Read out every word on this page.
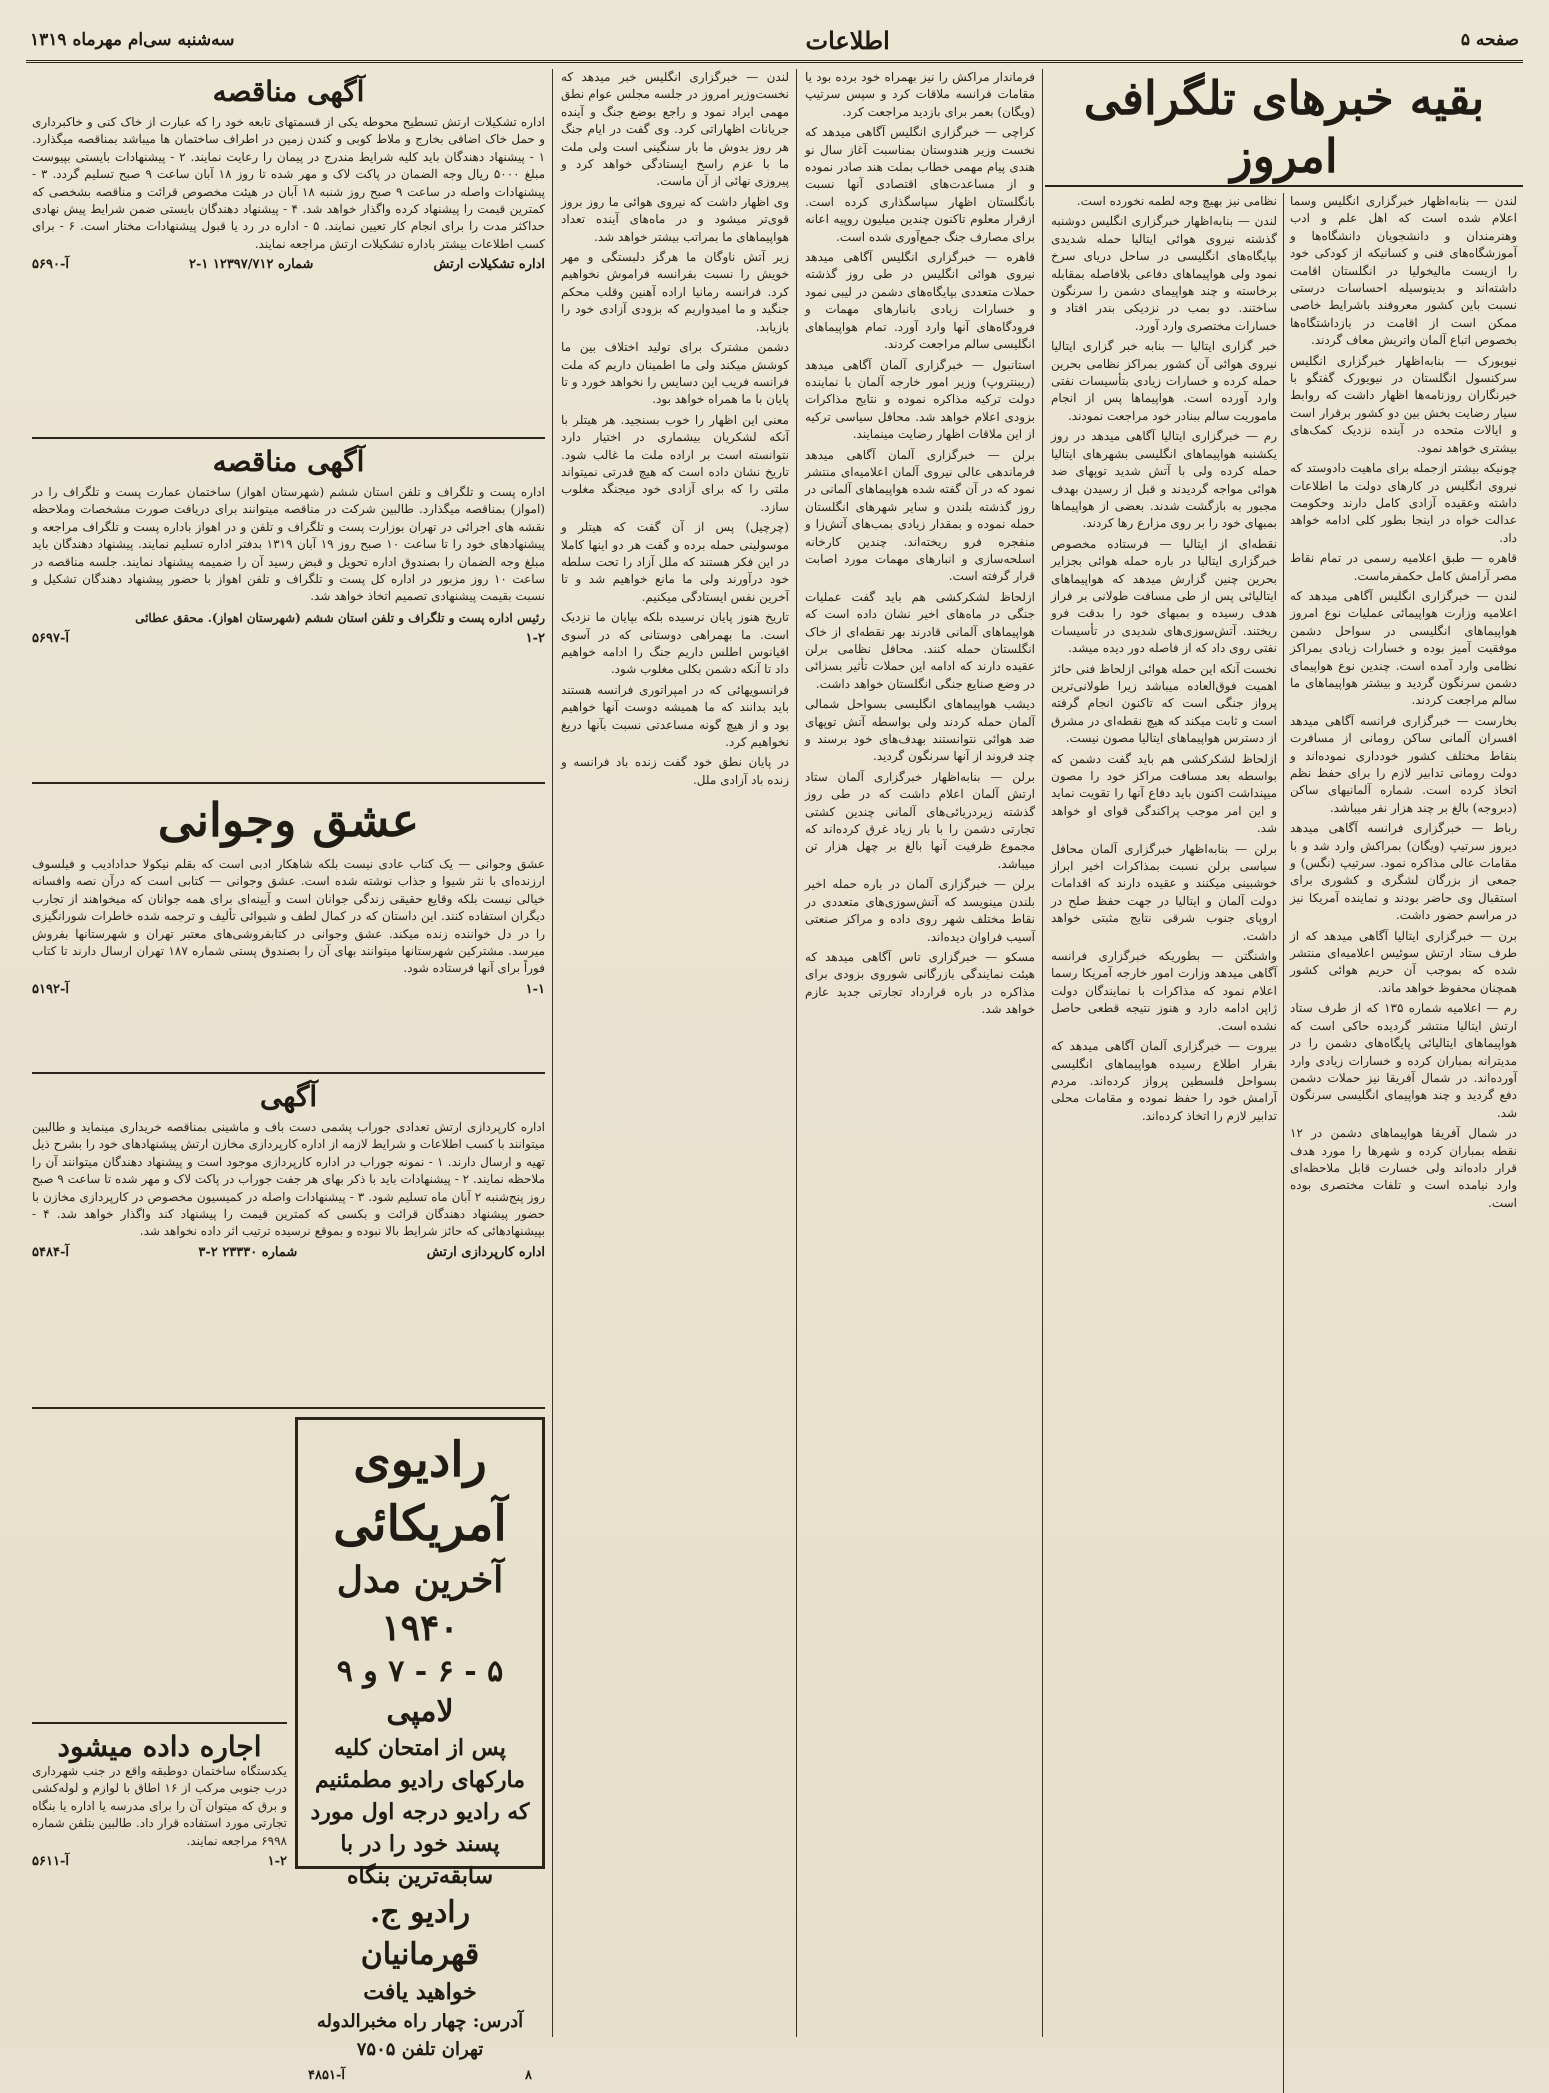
صفحه ۵
اطلاعات
سه‌شنبه سی‌ام مهرماه ۱۳۱۹
بقیه خبرهای تلگرافی امروز

لندن — بنابه‌اظهار خبرگزاری انگلیس وسما اعلام شده است که اهل علم و ادب وهنرمندان و دانشجویان دانشگاه‌ها و آموزشگاه‌های فنی و کسانیکه از کودکی خود را ازیست مالیخولیا در انگلستان اقامت داشته‌اند و بدینوسیله احساسات درستی نسبت باین کشور معروفند باشرایط خاصی ممکن است از اقامت در بازداشتگاه‌ها بخصوص اتباع آلمان واتریش معاف گردند.

نیویورک — بنابه‌اظهار خبرگزاری انگلیس سرکنسول انگلستان در نیویورک گفتگو با خبرنگاران روزنامه‌ها اظهار داشت که روابط سیار رضایت بخش بین دو کشور برقرار است و ایالات متحده در آینده نزدیک کمک‌های بیشتری خواهد نمود.

چونیکه بیشتر ازجمله برای ماهیت دادوستد که نیروی انگلیس در کارهای دولت ما اطلاعات داشته وعقیده آزادی کامل دارند وحکومت عدالت خواه در اینجا بطور کلی ادامه خواهد داد.

قاهره — طبق اعلامیه رسمی در تمام نقاط مصر آرامش کامل حکمفرماست.

لندن — خبرگزاری انگلیس آگاهی میدهد که اعلامیه وزارت هواپیمائی عملیات نوع امروز هواپیماهای انگلیسی در سواحل دشمن موفقیت آمیز بوده و خسارات زیادی بمراکز نظامی وارد آمده است. چندین نوع هواپیمای دشمن سرنگون گردید و بیشتر هواپیماهای ما سالم مراجعت کردند.

بخارست — خبرگزاری فرانسه آگاهی میدهد افسران آلمانی ساکن رومانی از مسافرت بنقاط مختلف کشور خودداری نموده‌اند و دولت رومانی تدابیر لازم را برای حفظ نظم اتخاذ کرده است. شماره آلمانیهای ساکن (دبروجه) بالغ بر چند هزار نفر میباشد.

رباط — خبرگزاری فرانسه آگاهی میدهد دیروز سرتیپ (ویگان) بمراکش وارد شد و با مقامات عالی مذاکره نمود. سرتیپ (نگس) و جمعی از بزرگان لشگری و کشوری برای استقبال وی حاضر بودند و نماینده آمریکا نیز در مراسم حضور داشت.

برن — خبرگزاری ایتالیا آگاهی میدهد که از طرف ستاد ارتش سوئیس اعلامیه‌ای منتشر شده که بموجب آن حریم هوائی کشور همچنان محفوظ خواهد ماند.

رم — اعلامیه شماره ۱۳۵ که از طرف ستاد ارتش ایتالیا منتشر گردیده حاکی است که هواپیماهای ایتالیائی پایگاه‌های دشمن را در مدیترانه بمباران کرده و خسارات زیادی وارد آورده‌اند. در شمال آفریقا نیز حملات دشمن دفع گردید و چند هواپیمای انگلیسی سرنگون شد.

در شمال آفریقا هواپیماهای دشمن در ۱۲ نقطه بمباران کرده و شهرها را مورد هدف قرار داده‌اند ولی خسارت قابل ملاحظه‌ای وارد نیامده است و تلفات مختصری بوده است.

نظامی نیز بهیچ وجه لطمه نخورده است.

لندن — بنابه‌اظهار خبرگزاری انگلیس دوشنبه گذشته نیروی هوائی ایتالیا حمله شدیدی بپایگاه‌های انگلیسی در ساحل دریای سرخ نمود ولی هواپیماهای دفاعی بلافاصله بمقابله برخاسته و چند هواپیمای دشمن را سرنگون ساختند. دو بمب در نزدیکی بندر افتاد و خسارات مختصری وارد آورد.

خبر گزاری ایتالیا — بنابه خبر گزاری ایتالیا نیروی هوائی آن کشور بمراکز نظامی بحرین حمله کرده و خسارات زیادی بتأسیسات نفتی وارد آورده است. هواپیماها پس از انجام ماموریت سالم ببنادر خود مراجعت نمودند.

رم — خبرگزاری ایتالیا آگاهی میدهد در روز یکشنبه هواپیماهای انگلیسی بشهرهای ایتالیا حمله کرده ولی با آتش شدید توپهای ضد هوائی مواجه گردیدند و قبل از رسیدن بهدف مجبور به بازگشت شدند. بعضی از هواپیماها بمبهای خود را بر روی مزارع رها کردند.

نقطه‌ای از ایتالیا — فرستاده مخصوص خبرگزاری ایتالیا در باره حمله هوائی بجزایر بحرین چنین گزارش میدهد که هواپیماهای ایتالیائی پس از طی مسافت طولانی بر فراز هدف رسیده و بمبهای خود را بدقت فرو ریختند. آتش‌سوزی‌های شدیدی در تأسیسات نفتی روی داد که از فاصله دور دیده میشد.

نخست آنکه این حمله هوائی ازلحاظ فنی حائز اهمیت فوق‌العاده میباشد زیرا طولانی‌ترین پرواز جنگی است که تاکنون انجام گرفته است و ثابت میکند که هیچ نقطه‌ای در مشرق از دسترس هواپیماهای ایتالیا مصون نیست.

ازلحاظ لشکرکشی هم باید گفت دشمن که بواسطه بعد مسافت مراکز خود را مصون میپنداشت اکنون باید دفاع آنها را تقویت نماید و این امر موجب پراکندگی قوای او خواهد شد.

برلن — بنابه‌اظهار خبرگزاری آلمان محافل سیاسی برلن نسبت بمذاکرات اخیر ابراز خوشبینی میکنند و عقیده دارند که اقدامات دولت آلمان و ایتالیا در جهت حفظ صلح در اروپای جنوب شرقی نتایج مثبتی خواهد داشت.

واشنگتن — بطوریکه خبرگزاری فرانسه آگاهی میدهد وزارت امور خارجه آمریکا رسما اعلام نمود که مذاکرات با نمایندگان دولت ژاپن ادامه دارد و هنوز نتیجه قطعی حاصل نشده است.

بیروت — خبرگزاری آلمان آگاهی میدهد که بقرار اطلاع رسیده هواپیماهای انگلیسی بسواحل فلسطین پرواز کرده‌اند. مردم آرامش خود را حفظ نموده و مقامات محلی تدابیر لازم را اتخاذ کرده‌اند.

فرماندار مراکش را نیز بهمراه خود برده بود یا مقامات فرانسه ملاقات کرد و سپس سرتیپ (ویگان) بعمر برای بازدید مراجعت کرد.

کراچی — خبرگزاری انگلیس آگاهی میدهد که نخست وزیر هندوستان بمناسبت آغاز سال نو هندی پیام مهمی خطاب بملت هند صادر نموده و از مساعدت‌های اقتصادی آنها نسبت بانگلستان اظهار سپاسگذاری کرده است. ازقرار معلوم تاکنون چندین میلیون روپیه اعانه برای مصارف جنگ جمع‌آوری شده است.

قاهره — خبرگزاری انگلیس آگاهی میدهد نیروی هوائی انگلیس در طی روز گذشته حملات متعددی بپایگاه‌های دشمن در لیبی نمود و خسارات زیادی بانبارهای مهمات و فرودگاه‌های آنها وارد آورد. تمام هواپیماهای انگلیسی سالم مراجعت کردند.

استانبول — خبرگزاری آلمان آگاهی میدهد (ریبنتروپ) وزیر امور خارجه آلمان با نماینده دولت ترکیه مذاکره نموده و نتایج مذاکرات بزودی اعلام خواهد شد. محافل سیاسی ترکیه از این ملاقات اظهار رضایت مینمایند.

برلن — خبرگزاری آلمان آگاهی میدهد فرماندهی عالی نیروی آلمان اعلامیه‌ای منتشر نمود که در آن گفته شده هواپیماهای آلمانی در روز گذشته بلندن و سایر شهرهای انگلستان حمله نموده و بمقدار زیادی بمب‌های آتش‌زا و منفجره فرو ریخته‌اند. چندین کارخانه اسلحه‌سازی و انبارهای مهمات مورد اصابت قرار گرفته است.

ازلحاظ لشکرکشی هم باید گفت عملیات جنگی در ماه‌های اخیر نشان داده است که هواپیماهای آلمانی قادرند بهر نقطه‌ای از خاک انگلستان حمله کنند. محافل نظامی برلن عقیده دارند که ادامه این حملات تأثیر بسزائی در وضع صنایع جنگی انگلستان خواهد داشت.

دیشب هواپیماهای انگلیسی بسواحل شمالی آلمان حمله کردند ولی بواسطه آتش توپهای ضد هوائی نتوانستند بهدف‌های خود برسند و چند فروند از آنها سرنگون گردید.

برلن — بنابه‌اظهار خبرگزاری آلمان ستاد ارتش آلمان اعلام داشت که در طی روز گذشته زیردریائی‌های آلمانی چندین کشتی تجارتی دشمن را با بار زیاد غرق کرده‌اند که مجموع ظرفیت آنها بالغ بر چهل هزار تن میباشد.

برلن — خبرگزاری آلمان در باره حمله اخیر بلندن مینویسد که آتش‌سوزی‌های متعددی در نقاط مختلف شهر روی داده و مراکز صنعتی آسیب فراوان دیده‌اند.

مسکو — خبرگزاری تاس آگاهی میدهد که هیئت نمایندگی بازرگانی شوروی بزودی برای مذاکره در باره قرارداد تجارتی جدید عازم خواهد شد.

لندن — خبرگزاری انگلیس خبر میدهد که نخست‌وزیر امروز در جلسه مجلس عوام نطق مهمی ایراد نمود و راجع بوضع جنگ و آینده جریانات اظهاراتی کرد. وی گفت در ایام جنگ هر روز بدوش ما بار سنگینی است ولی ملت ما با عزم راسخ ایستادگی خواهد کرد و پیروزی نهائی از آن ماست.

وی اظهار داشت که نیروی هوائی ما روز بروز قوی‌تر میشود و در ماه‌های آینده تعداد هواپیماهای ما بمراتب بیشتر خواهد شد.

زیر آتش ناوگان ما هرگز دلبستگی و مهر خویش را نسبت بفرانسه فراموش نخواهیم کرد. فرانسه رمانیا اراده آهنین وقلب محکم جنگید و ما امیدواریم که بزودی آزادی خود را بازیابد.

دشمن مشترک برای تولید اختلاف بین ما کوشش میکند ولی ما اطمینان داریم که ملت فرانسه فریب این دسایس را نخواهد خورد و تا پایان با ما همراه خواهد بود.

معنی این اظهار را خوب بسنجید. هر هیتلر با آنکه لشکریان بیشماری در اختیار دارد نتوانسته است بر اراده ملت ما غالب شود. تاریخ نشان داده است که هیچ قدرتی نمیتواند ملتی را که برای آزادی خود میجنگد مغلوب سازد.

(چرچیل) پس از آن گفت که هیتلر و موسولینی حمله برده و گفت هر دو اینها کاملا در این فکر هستند که ملل آزاد را تحت سلطه خود درآورند ولی ما مانع خواهیم شد و تا آخرین نفس ایستادگی میکنیم.

تاریخ هنوز پایان نرسیده بلکه بپایان ما نزدیک است. ما بهمراهی دوستانی که در آسوی اقیانوس اطلس داریم جنگ را ادامه خواهیم داد تا آنکه دشمن بکلی مغلوب شود.

فرانسویهائی که در امپراتوری فرانسه هستند باید بدانند که ما همیشه دوست آنها خواهیم بود و از هیچ گونه مساعدتی نسبت بآنها دریغ نخواهیم کرد.

در پایان نطق خود گفت زنده باد فرانسه و زنده باد آزادی ملل.

آگهی مناقصه
اداره تشکیلات ارتش تسطیح محوطه یکی از قسمتهای تابعه خود را که عبارت از خاک کنی و خاکبرداری و حمل خاک اضافی بخارج و ملاط کوبی و کندن زمین در اطراف ساختمان ها میباشد بمناقصه میگذارد. ۱ - پیشنهاد دهندگان باید کلیه شرایط مندرج در پیمان را رعایت نمایند. ۲ - پیشنهادات بایستی بپیوست مبلغ ۵۰۰۰ ریال وجه الضمان در پاکت لاک و مهر شده تا روز ۱۸ آبان ساعت ۹ صبح تسلیم گردد. ۳ - پیشنهادات واصله در ساعت ۹ صبح روز شنبه ۱۸ آبان در هیئت مخصوص قرائت و مناقصه بشخصی که کمترین قیمت را پیشنهاد کرده واگذار خواهد شد. ۴ - پیشنهاد دهندگان بایستی ضمن شرایط پیش نهادی حداکثر مدت را برای انجام کار تعیین نمایند. ۵ - اداره در رد یا قبول پیشنهادات مختار است. ۶ - برای کسب اطلاعات بیشتر باداره تشکیلات ارتش مراجعه نمایند.
اداره تشکیلات ارتش
شماره ۱۲۳۹۷/۷۱۲ ۱-۲
آ-۵۶۹۰
آگهی مناقصه
اداره پست و تلگراف و تلفن استان ششم (شهرستان اهواز) ساختمان عمارت پست و تلگراف را در (امواز) بمناقصه میگذارد. طالبین شرکت در مناقصه میتوانند برای دریافت صورت مشخصات وملاحظه نقشه های اجرائی در تهران بوزارت پست و تلگراف و تلفن و در اهواز باداره پست و تلگراف مراجعه و پیشنهادهای خود را تا ساعت ۱۰ صبح روز ۱۹ آبان ۱۳۱۹ بدفتر اداره تسلیم نمایند. پیشنهاد دهندگان باید مبلغ وجه الضمان را بصندوق اداره تحویل و قبض رسید آن را ضمیمه پیشنهاد نمایند. جلسه مناقصه در ساعت ۱۰ روز مزبور در اداره کل پست و تلگراف و تلفن اهواز با حضور پیشنهاد دهندگان تشکیل و نسبت بقیمت پیشنهادی تصمیم اتخاذ خواهد شد.
رئیس اداره پست و تلگراف و تلفن استان ششم (شهرستان اهواز). محقق عطائی
۱-۲
آ-۵۶۹۷
عشق وجوانی
عشق وجوانی — یک کتاب عادی نیست بلکه شاهکار ادبی است که بقلم نیکولا حدادادیب و فیلسوف ارزنده‌ای با نثر شیوا و جذاب نوشته شده است. عشق وجوانی — کتابی است که درآن نصه وافسانه خیالی نیست بلکه وقایع حقیقی زندگی جوانان است و آیینه‌ای برای همه جوانان که میخواهند از تجارب دیگران استفاده کنند. این داستان که در کمال لطف و شیوائی تألیف و ترجمه شده خاطرات شورانگیزی را در دل خواننده زنده میکند. عشق وجوانی در کتابفروشی‌های معتبر تهران و شهرستانها بفروش میرسد. مشترکین شهرستانها میتوانند بهای آن را بصندوق پستی شماره ۱۸۷ تهران ارسال دارند تا کتاب فوراً برای آنها فرستاده شود.
۱-۱
آ-۵۱۹۲
آگهی
اداره کارپردازی ارتش تعدادی جوراب پشمی دست باف و ماشینی بمناقصه خریداری مینماید و طالبین میتوانند با کسب اطلاعات و شرایط لازمه از اداره کارپردازی مخازن ارتش پیشنهادهای خود را بشرح ذیل تهیه و ارسال دارند. ۱ - نمونه جوراب در اداره کارپردازی موجود است و پیشنهاد دهندگان میتوانند آن را ملاحظه نمایند. ۲ - پیشنهادات باید با ذکر بهای هر جفت جوراب در پاکت لاک و مهر شده تا ساعت ۹ صبح روز پنج‌شنبه ۲ آبان ماه تسلیم شود. ۳ - پیشنهادات واصله در کمیسیون مخصوص در کارپردازی مخازن با حضور پیشنهاد دهندگان قرائت و بکسی که کمترین قیمت را پیشنهاد کند واگذار خواهد شد. ۴ - بپیشنهادهائی که حائز شرایط بالا نبوده و بموقع نرسیده ترتیب اثر داده نخواهد شد.
اداره کارپردازی ارتش
شماره ۲۳۳۳۰ ۲-۳
آ-۵۴۸۴
رادیوی آمریکائی
آخرین مدل ۱۹۴۰
۵ - ۶ - ۷ و ۹ لامپی
پس از امتحان کلیه مارکهای رادیو مطمئنیم که رادیو درجه اول مورد پسند خود را در با سابقه‌ترین بنگاه
رادیو ج. قهرمانیان
خواهید یافت
آدرس: چهار راه مخبرالدوله تهران تلفن ۷۵۰۵
۸
آ-۴۸۵۱
اجاره داده میشود
یکدستگاه ساختمان دوطبقه واقع در جنب شهرداری درب جنوبی مرکب از ۱۶ اطاق با لوازم و لوله‌کشی و برق که میتوان آن را برای مدرسه یا اداره یا بنگاه تجارتی مورد استفاده قرار داد. طالبین بتلفن شماره ۶۹۹۸ مراجعه نمایند.
۱-۲
آ-۵۶۱۱
